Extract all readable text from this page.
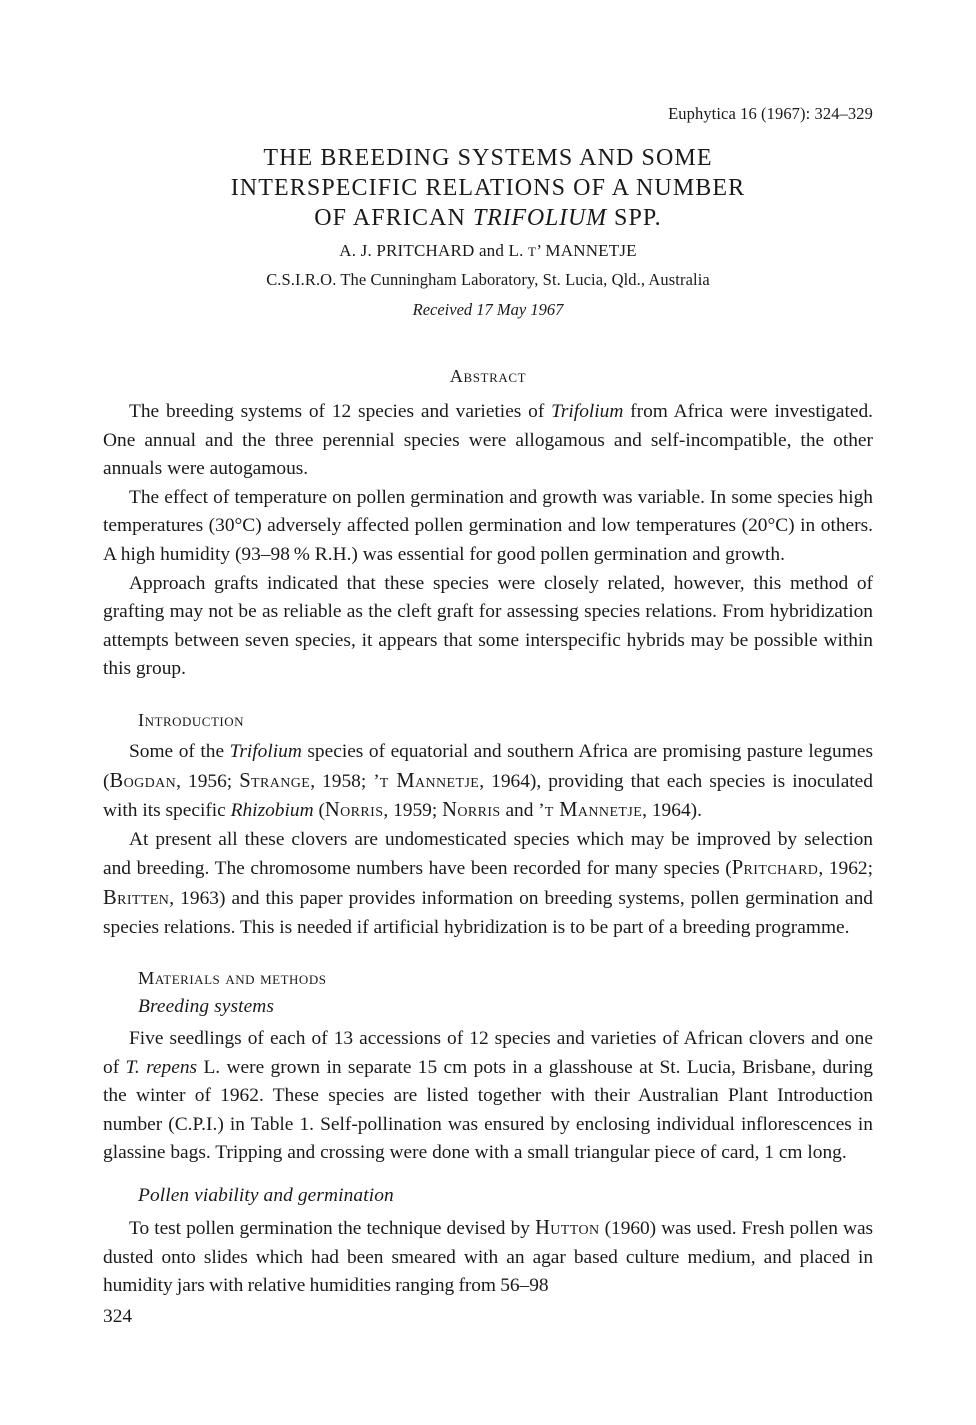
Euphytica 16 (1967): 324–329
THE BREEDING SYSTEMS AND SOME
INTERSPECIFIC RELATIONS OF A NUMBER
OF AFRICAN TRIFOLIUM SPP.
A. J. PRITCHARD and L. t’ MANNETJE
C.S.I.R.O. The Cunningham Laboratory, St. Lucia, Qld., Australia
Received 17 May 1967
Abstract

The breeding systems of 12 species and varieties of Trifolium from Africa were investigated. One annual and the three perennial species were allogamous and self-incompatible, the other annuals were autogamous.

The effect of temperature on pollen germination and growth was variable. In some species high temperatures (30°C) adversely affected pollen germination and low temperatures (20°C) in others. A high humidity (93–98 % R.H.) was essential for good pollen germination and growth.

Approach grafts indicated that these species were closely related, however, this method of grafting may not be as reliable as the cleft graft for assessing species relations. From hybridization attempts between seven species, it appears that some interspecific hybrids may be possible within this group.

Introduction

Some of the Trifolium species of equatorial and southern Africa are promising pasture legumes (Bogdan, 1956; Strange, 1958; ’t Mannetje, 1964), providing that each species is inoculated with its specific Rhizobium (Norris, 1959; Norris and ’t Mannetje, 1964).

At present all these clovers are undomesticated species which may be improved by selection and breeding. The chromosome numbers have been recorded for many species (Pritchard, 1962; Britten, 1963) and this paper provides information on breeding systems, pollen germination and species relations. This is needed if artificial hybridization is to be part of a breeding programme.

Materials and methods

Breeding systems

Five seedlings of each of 13 accessions of 12 species and varieties of African clovers and one of T. repens L. were grown in separate 15 cm pots in a glasshouse at St. Lucia, Brisbane, during the winter of 1962. These species are listed together with their Australian Plant Introduction number (C.P.I.) in Table 1. Self-pollination was ensured by enclosing individual inflorescences in glassine bags. Tripping and crossing were done with a small triangular piece of card, 1 cm long.

Pollen viability and germination

To test pollen germination the technique devised by Hutton (1960) was used. Fresh pollen was dusted onto slides which had been smeared with an agar based culture medium, and placed in humidity jars with relative humidities ranging from 56–98

324
